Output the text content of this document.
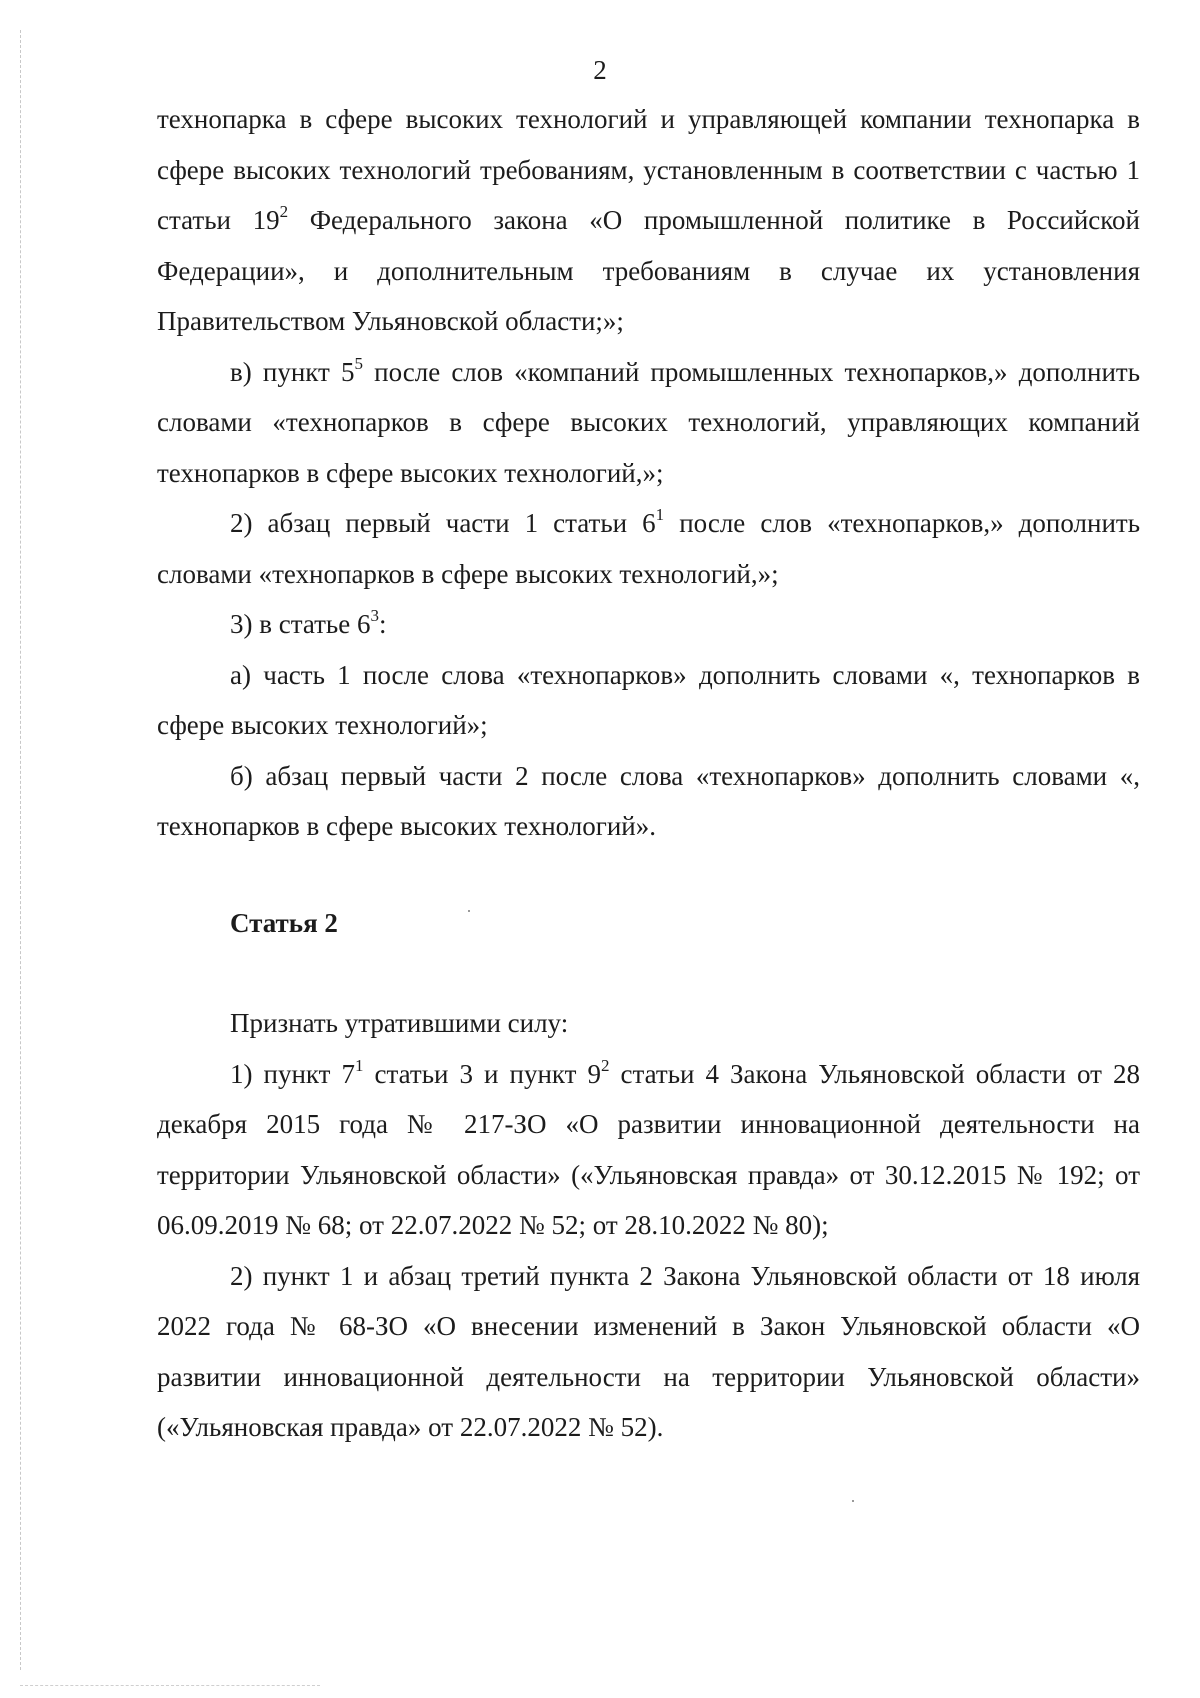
2

технопарка в сфере высоких технологий и управляющей компании технопарка в сфере высоких технологий требованиям, установленным в соответствии с частью 1 статьи $19^2$ Федерального закона «О промышленной политике в Российской Федерации», и дополнительным требованиям в случае их установления Правительством Ульяновской области;»;

в) пункт $5^5$ после слов «компаний промышленных технопарков,» дополнить словами «технопарков в сфере высоких технологий, управляющих компаний технопарков в сфере высоких технологий,»;

2) абзац первый части 1 статьи $6^1$ после слов «технопарков,» дополнить словами «технопарков в сфере высоких технологий,»;

3) в статье $6^3$:

а) часть 1 после слова «технопарков» дополнить словами «, технопарков в сфере высоких технологий»;

б) абзац первый части 2 после слова «технопарков» дополнить словами «, технопарков в сфере высоких технологий».

Статья 2

Признать утратившими силу:

1) пункт $7^1$ статьи 3 и пункт $9^2$ статьи 4 Закона Ульяновской области от 28 декабря 2015 года № 217-ЗО «О развитии инновационной деятельности на территории Ульяновской области» («Ульяновская правда» от 30.12.2015 № 192; от 06.09.2019 № 68; от 22.07.2022 № 52; от 28.10.2022 № 80);

2) пункт 1 и абзац третий пункта 2 Закона Ульяновской области от 18 июля 2022 года № 68-ЗО «О внесении изменений в Закон Ульяновской области «О развитии инновационной деятельности на территории Ульяновской области» («Ульяновская правда» от 22.07.2022 № 52).
